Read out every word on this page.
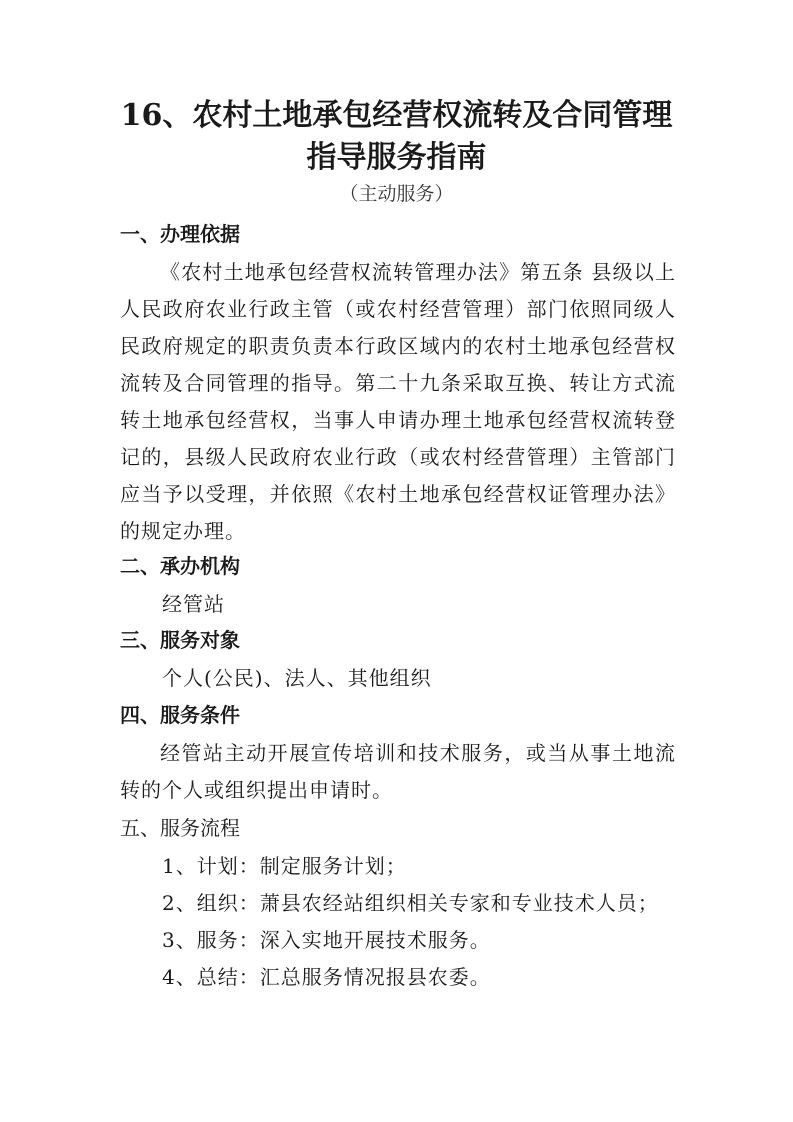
16、农村土地承包经营权流转及合同管理
指导服务指南

（主动服务）

一、办理依据

《农村土地承包经营权流转管理办法》第五条 县级以上人民政府农业行政主管（或农村经营管理）部门依照同级人民政府规定的职责负责本行政区域内的农村土地承包经营权流转及合同管理的指导。第二十九条采取互换、转让方式流转土地承包经营权，当事人申请办理土地承包经营权流转登记的，县级人民政府农业行政（或农村经营管理）主管部门应当予以受理，并依照《农村土地承包经营权证管理办法》的规定办理。

二、承办机构

经管站

三、服务对象

个人(公民)、法人、其他组织

四、服务条件

经管站主动开展宣传培训和技术服务，或当从事土地流转的个人或组织提出申请时。

五、服务流程

1、计划：制定服务计划；

2、组织：萧县农经站组织相关专家和专业技术人员；

3、服务：深入实地开展技术服务。

4、总结：汇总服务情况报县农委。
